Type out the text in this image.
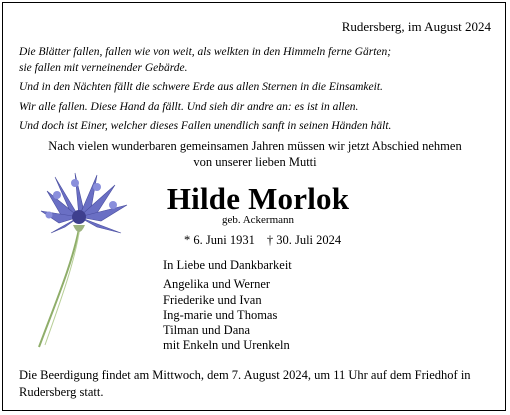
Rudersberg, im August 2024
Die Blätter fallen, fallen wie von weit, als welkten in den Himmeln ferne Gärten;
sie fallen mit verneinender Gebärde.
Und in den Nächten fällt die schwere Erde aus allen Sternen in die Einsamkeit.
Wir alle fallen. Diese Hand da fällt. Und sieh dir andre an: es ist in allen.
Und doch ist Einer, welcher dieses Fallen unendlich sanft in seinen Händen hält.
Nach vielen wunderbaren gemeinsamen Jahren müssen wir jetzt Abschied nehmen
von unserer lieben Mutti
Hilde Morlok
geb. Ackermann
* 6. Juni 1931 † 30. Juli 2024
In Liebe und Dankbarkeit
Angelika und Werner
Friederike und Ivan
Ing-marie und Thomas
Tilman und Dana
mit Enkeln und Urenkeln
Die Beerdigung findet am Mittwoch, dem 7. August 2024, um 11 Uhr auf dem Friedhof in Rudersberg statt.
